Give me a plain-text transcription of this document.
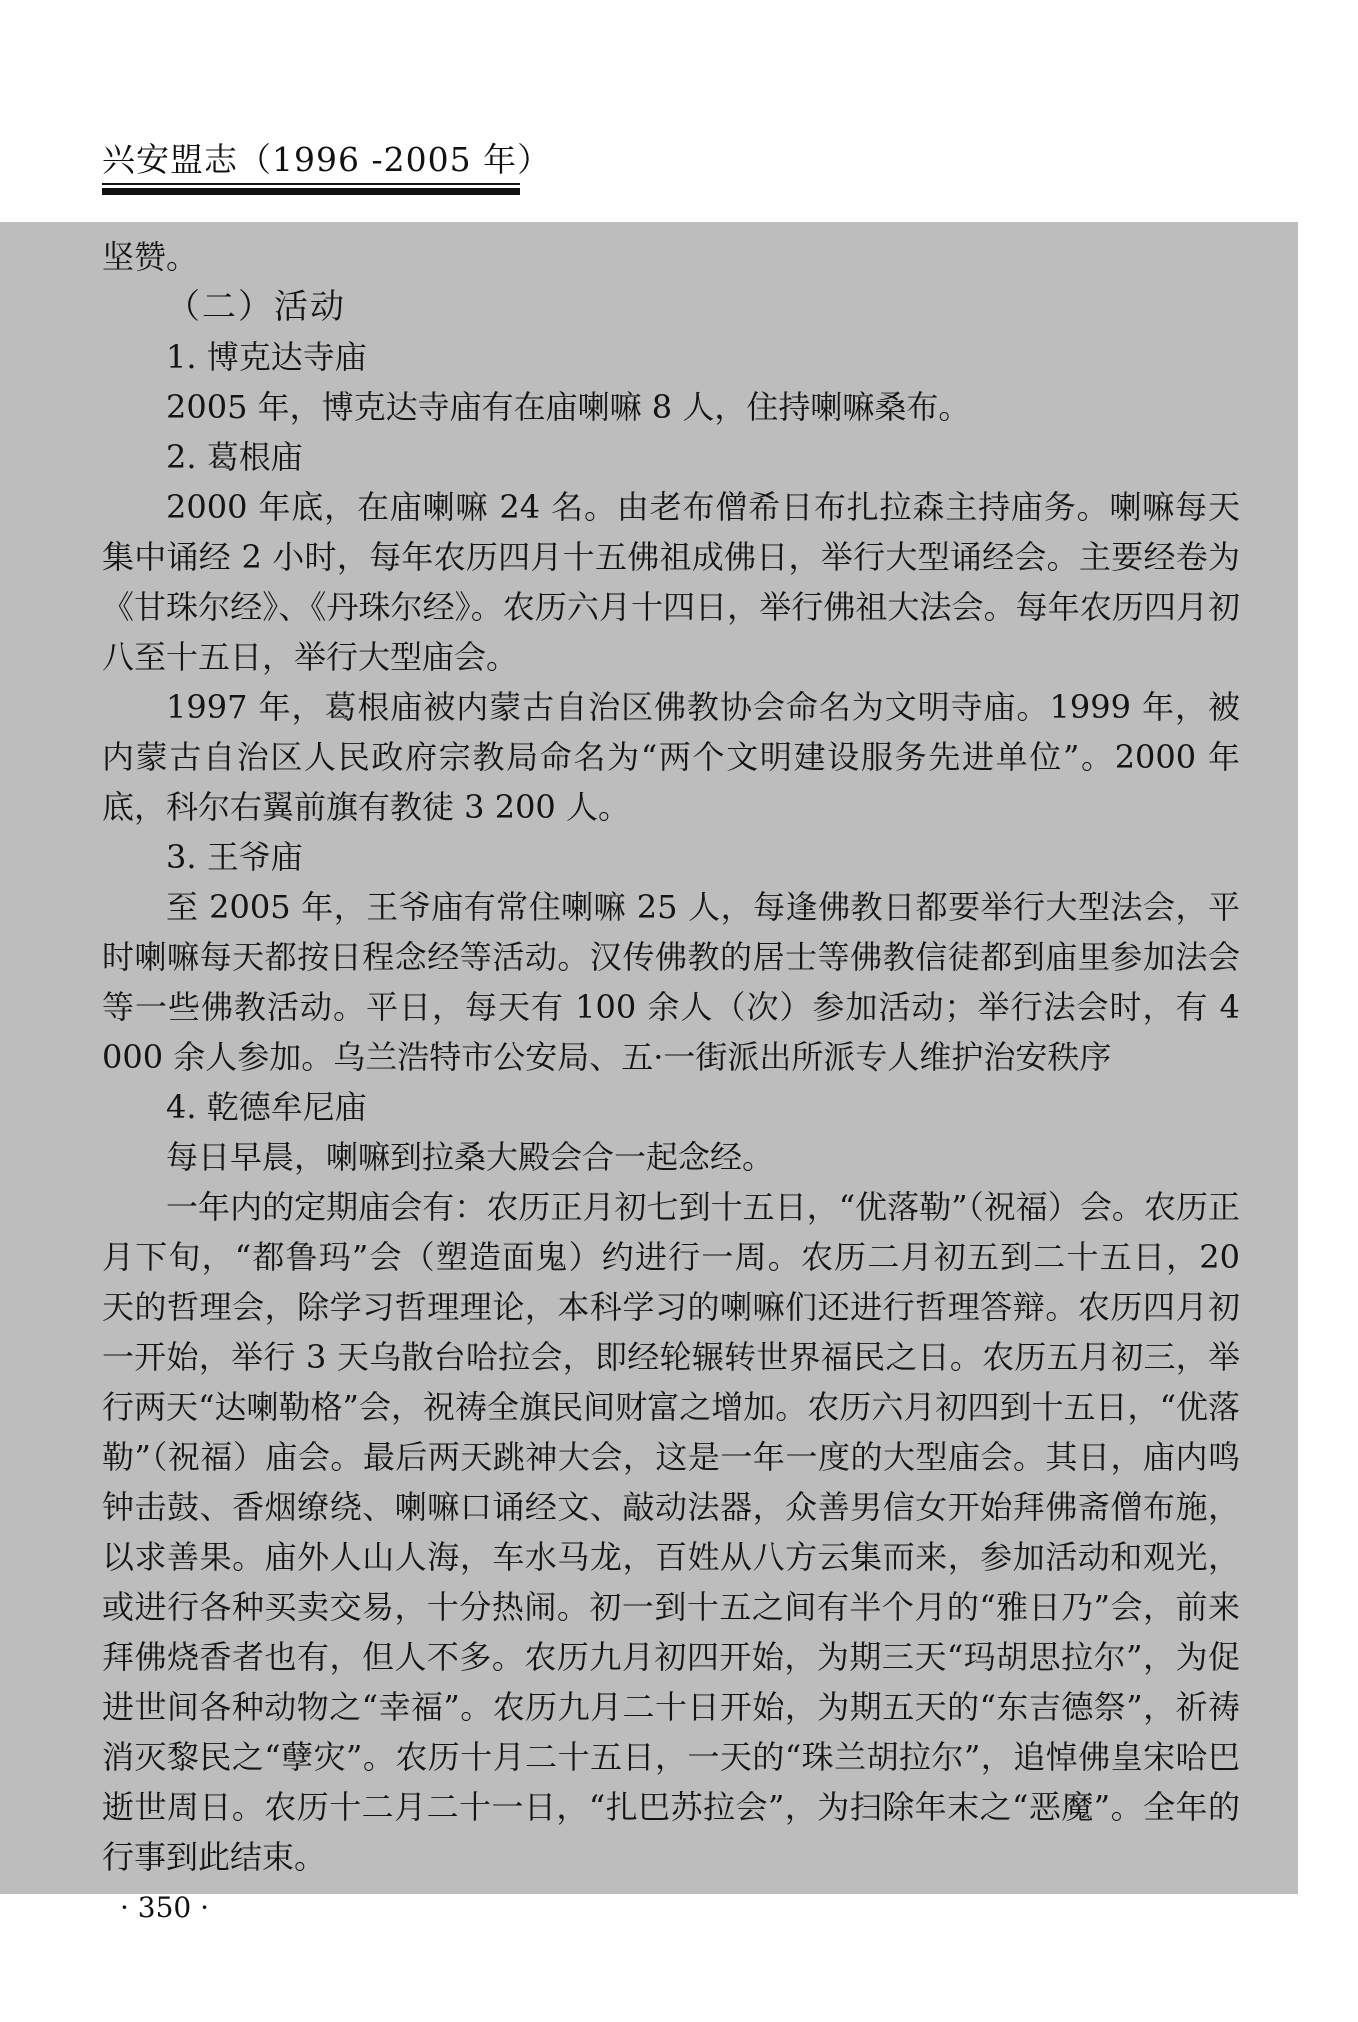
兴安盟志（1996 -2005 年）

坚赞。

（二）活动

1. 博克达寺庙

2005 年，博克达寺庙有在庙喇嘛 8 人，住持喇嘛桑布。

2. 葛根庙

2000 年底，在庙喇嘛 24 名。由老布僧希日布扎拉森主持庙务。喇嘛每天集中诵经 2 小时，每年农历四月十五佛祖成佛日，举行大型诵经会。主要经卷为《甘珠尔经》、《丹珠尔经》。农历六月十四日，举行佛祖大法会。每年农历四月初八至十五日，举行大型庙会。

1997 年，葛根庙被内蒙古自治区佛教协会命名为文明寺庙。1999 年，被内蒙古自治区人民政府宗教局命名为“两个文明建设服务先进单位”。2000 年底，科尔右翼前旗有教徒 3 200 人。

3. 王爷庙

至 2005 年，王爷庙有常住喇嘛 25 人，每逢佛教日都要举行大型法会，平时喇嘛每天都按日程念经等活动。汉传佛教的居士等佛教信徒都到庙里参加法会等一些佛教活动。平日，每天有 100 余人（次）参加活动；举行法会时，有 4 000 余人参加。乌兰浩特市公安局、五·一街派出所派专人维护治安秩序

4. 乾德牟尼庙

每日早晨，喇嘛到拉桑大殿会合一起念经。

一年内的定期庙会有：农历正月初七到十五日，“优落勒”（祝福）会。农历正月下旬，“都鲁玛”会（塑造面鬼）约进行一周。农历二月初五到二十五日，20 天的哲理会，除学习哲理理论，本科学习的喇嘛们还进行哲理答辩。农历四月初一开始，举行 3 天乌散台哈拉会，即经轮辗转世界福民之日。农历五月初三，举行两天“达喇勒格”会，祝祷全旗民间财富之增加。农历六月初四到十五日，“优落勒”（祝福）庙会。最后两天跳神大会，这是一年一度的大型庙会。其日，庙内鸣钟击鼓、香烟缭绕、喇嘛口诵经文、敲动法器，众善男信女开始拜佛斋僧布施，以求善果。庙外人山人海，车水马龙，百姓从八方云集而来，参加活动和观光，或进行各种买卖交易，十分热闹。初一到十五之间有半个月的“雅日乃”会，前来拜佛烧香者也有，但人不多。农历九月初四开始，为期三天“玛胡思拉尔”，为促进世间各种动物之“幸福”。农历九月二十日开始，为期五天的“东吉德祭”，祈祷消灭黎民之“孽灾”。农历十月二十五日，一天的“珠兰胡拉尔”，追悼佛皇宋哈巴逝世周日。农历十二月二十一日，“扎巴苏拉会”，为扫除年末之“恶魔”。全年的行事到此结束。

· 350 ·
